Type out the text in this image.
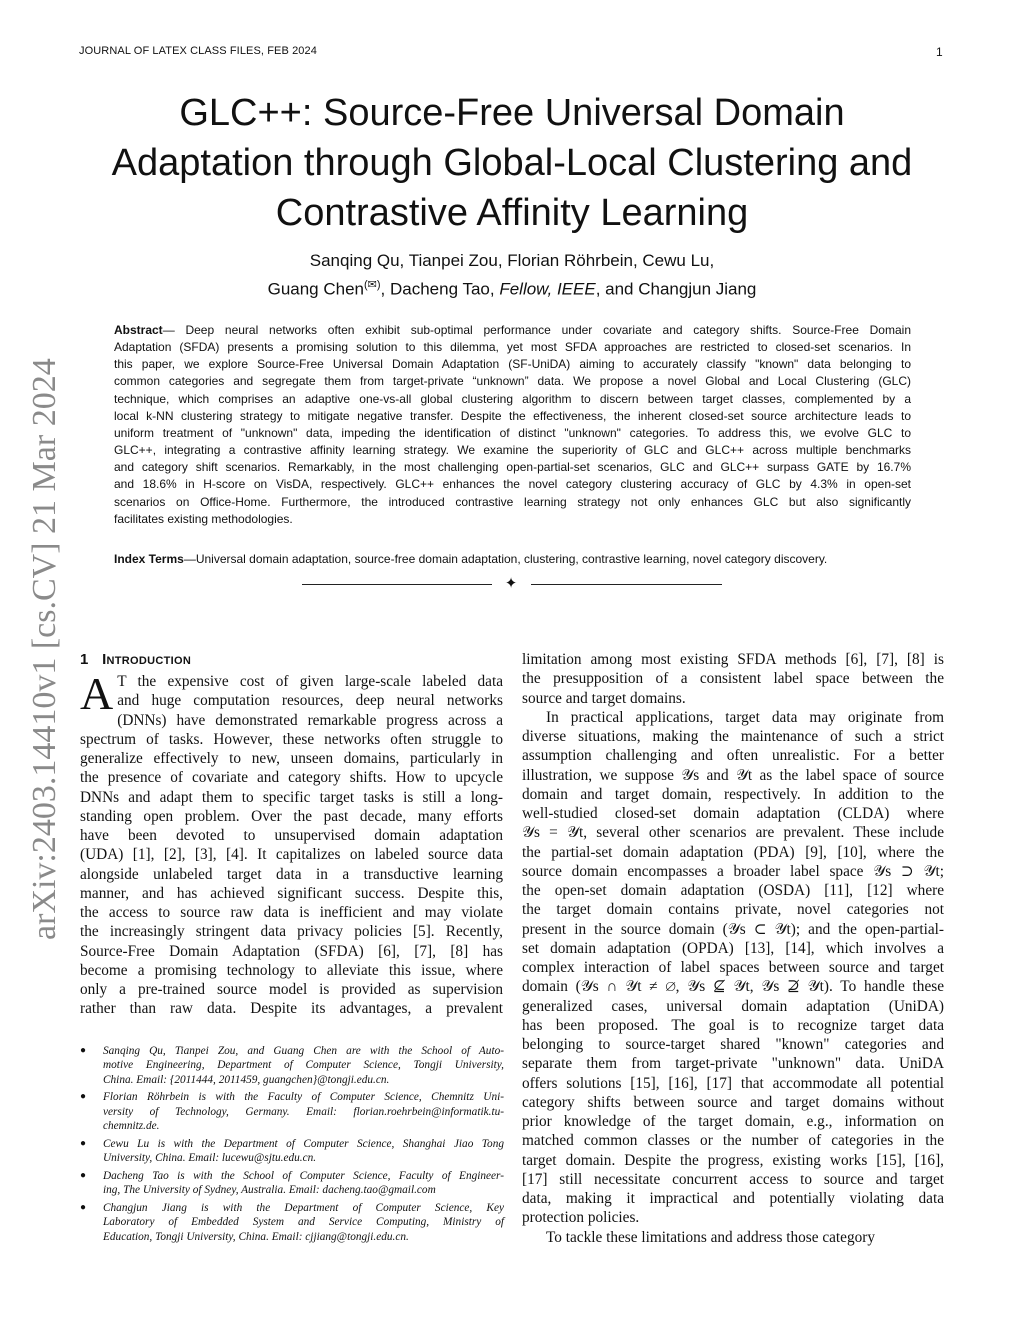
JOURNAL OF LATEX CLASS FILES, FEB 2024	1
arXiv:2403.14410v1 [cs.CV] 21 Mar 2024
GLC++: Source-Free Universal Domain
Adaptation through Global-Local Clustering and
Contrastive Affinity Learning
Sanqing Qu, Tianpei Zou, Florian Röhrbein, Cewu Lu,
Guang Chen(✉), Dacheng Tao, Fellow, IEEE, and Changjun Jiang
Abstract— Deep neural networks often exhibit sub-optimal performance under covariate and category shifts. Source-Free Domain
Adaptation (SFDA) presents a promising solution to this dilemma, yet most SFDA approaches are restricted to closed-set scenarios. In
this paper, we explore Source-Free Universal Domain Adaptation (SF-UniDA) aiming to accurately classify "known" data belonging to
common categories and segregate them from target-private “unknown” data. We propose a novel Global and Local Clustering (GLC)
technique, which comprises an adaptive one-vs-all global clustering algorithm to discern between target classes, complemented by a
local k-NN clustering strategy to mitigate negative transfer. Despite the effectiveness, the inherent closed-set source architecture leads to
uniform treatment of "unknown" data, impeding the identification of distinct "unknown" categories. To address this, we evolve GLC to
GLC++, integrating a contrastive affinity learning strategy. We examine the superiority of GLC and GLC++ across multiple benchmarks
and category shift scenarios. Remarkably, in the most challenging open-partial-set scenarios, GLC and GLC++ surpass GATE by 16.7%
and 18.6% in H-score on VisDA, respectively. GLC++ enhances the novel category clustering accuracy of GLC by 4.3% in open-set
scenarios on Office-Home. Furthermore, the introduced contrastive learning strategy not only enhances GLC but also significantly
facilitates existing methodologies.
Index Terms—Universal domain adaptation, source-free domain adaptation, clustering, contrastive learning, novel category discovery.
✦
1 Introduction
A T the expensive cost of given large-scale labeled data
and huge computation resources, deep neural networks
(DNNs) have demonstrated remarkable progress across a
spectrum of tasks. However, these networks often struggle to
generalize effectively to new, unseen domains, particularly in
the presence of covariate and category shifts. How to upcycle
DNNs and adapt them to specific target tasks is still a long-
standing open problem. Over the past decade, many efforts
have been devoted to unsupervised domain adaptation
(UDA) [1], [2], [3], [4]. It capitalizes on labeled source data
alongside unlabeled target data in a transductive learning
manner, and has achieved significant success. Despite this,
the access to source raw data is inefficient and may violate
the increasingly stringent data privacy policies [5]. Recently,
Source-Free Domain Adaptation (SFDA) [6], [7], [8] has
become a promising technology to alleviate this issue, where
only a pre-trained source model is provided as supervision
rather than raw data. Despite its advantages, a prevalent
● Sanqing Qu, Tianpei Zou, and Guang Chen are with the School of Auto-
motive Engineering, Department of Computer Science, Tongji University,
China. Email: {2011444, 2011459, guangchen}@tongji.edu.cn.
● Florian Röhrbein is with the Faculty of Computer Science, Chemnitz Uni-
versity of Technology, Germany. Email: florian.roehrbein@informatik.tu-
chemnitz.de.
● Cewu Lu is with the Department of Computer Science, Shanghai Jiao Tong
University, China. Email: lucewu@sjtu.edu.cn.
● Dacheng Tao is with the School of Computer Science, Faculty of Engineer-
ing, The University of Sydney, Australia. Email: dacheng.tao@gmail.com
● Changjun Jiang is with the Department of Computer Science, Key
Laboratory of Embedded System and Service Computing, Ministry of
Education, Tongji University, China. Email: cjjiang@tongji.edu.cn.
limitation among most existing SFDA methods [6], [7], [8] is
the presupposition of a consistent label space between the
source and target domains.
In practical applications, target data may originate from
diverse situations, making the maintenance of such a strict
assumption challenging and often unrealistic. For a better
illustration, we suppose 𝒴s and 𝒴t as the label space of source
domain and target domain, respectively. In addition to the
well-studied closed-set domain adaptation (CLDA) where
𝒴s = 𝒴t, several other scenarios are prevalent. These include
the partial-set domain adaptation (PDA) [9], [10], where the
source domain encompasses a broader label space 𝒴s ⊃ 𝒴t;
the open-set domain adaptation (OSDA) [11], [12] where
the target domain contains private, novel categories not
present in the source domain (𝒴s ⊂ 𝒴t); and the open-partial-
set domain adaptation (OPDA) [13], [14], which involves a
complex interaction of label spaces between source and target
domain (𝒴s ∩ 𝒴t ≠ ∅, 𝒴s ⊈ 𝒴t, 𝒴s ⊉ 𝒴t). To handle these
generalized cases, universal domain adaptation (UniDA)
has been proposed. The goal is to recognize target data
belonging to source-target shared "known" categories and
separate them from target-private "unknown" data. UniDA
offers solutions [15], [16], [17] that accommodate all potential
category shifts between source and target domains without
prior knowledge of the target domain, e.g., information on
matched common classes or the number of categories in the
target domain. Despite the progress, existing works [15], [16],
[17] still necessitate concurrent access to source and target
data, making it impractical and potentially violating data
protection policies.
To tackle these limitations and address those category
